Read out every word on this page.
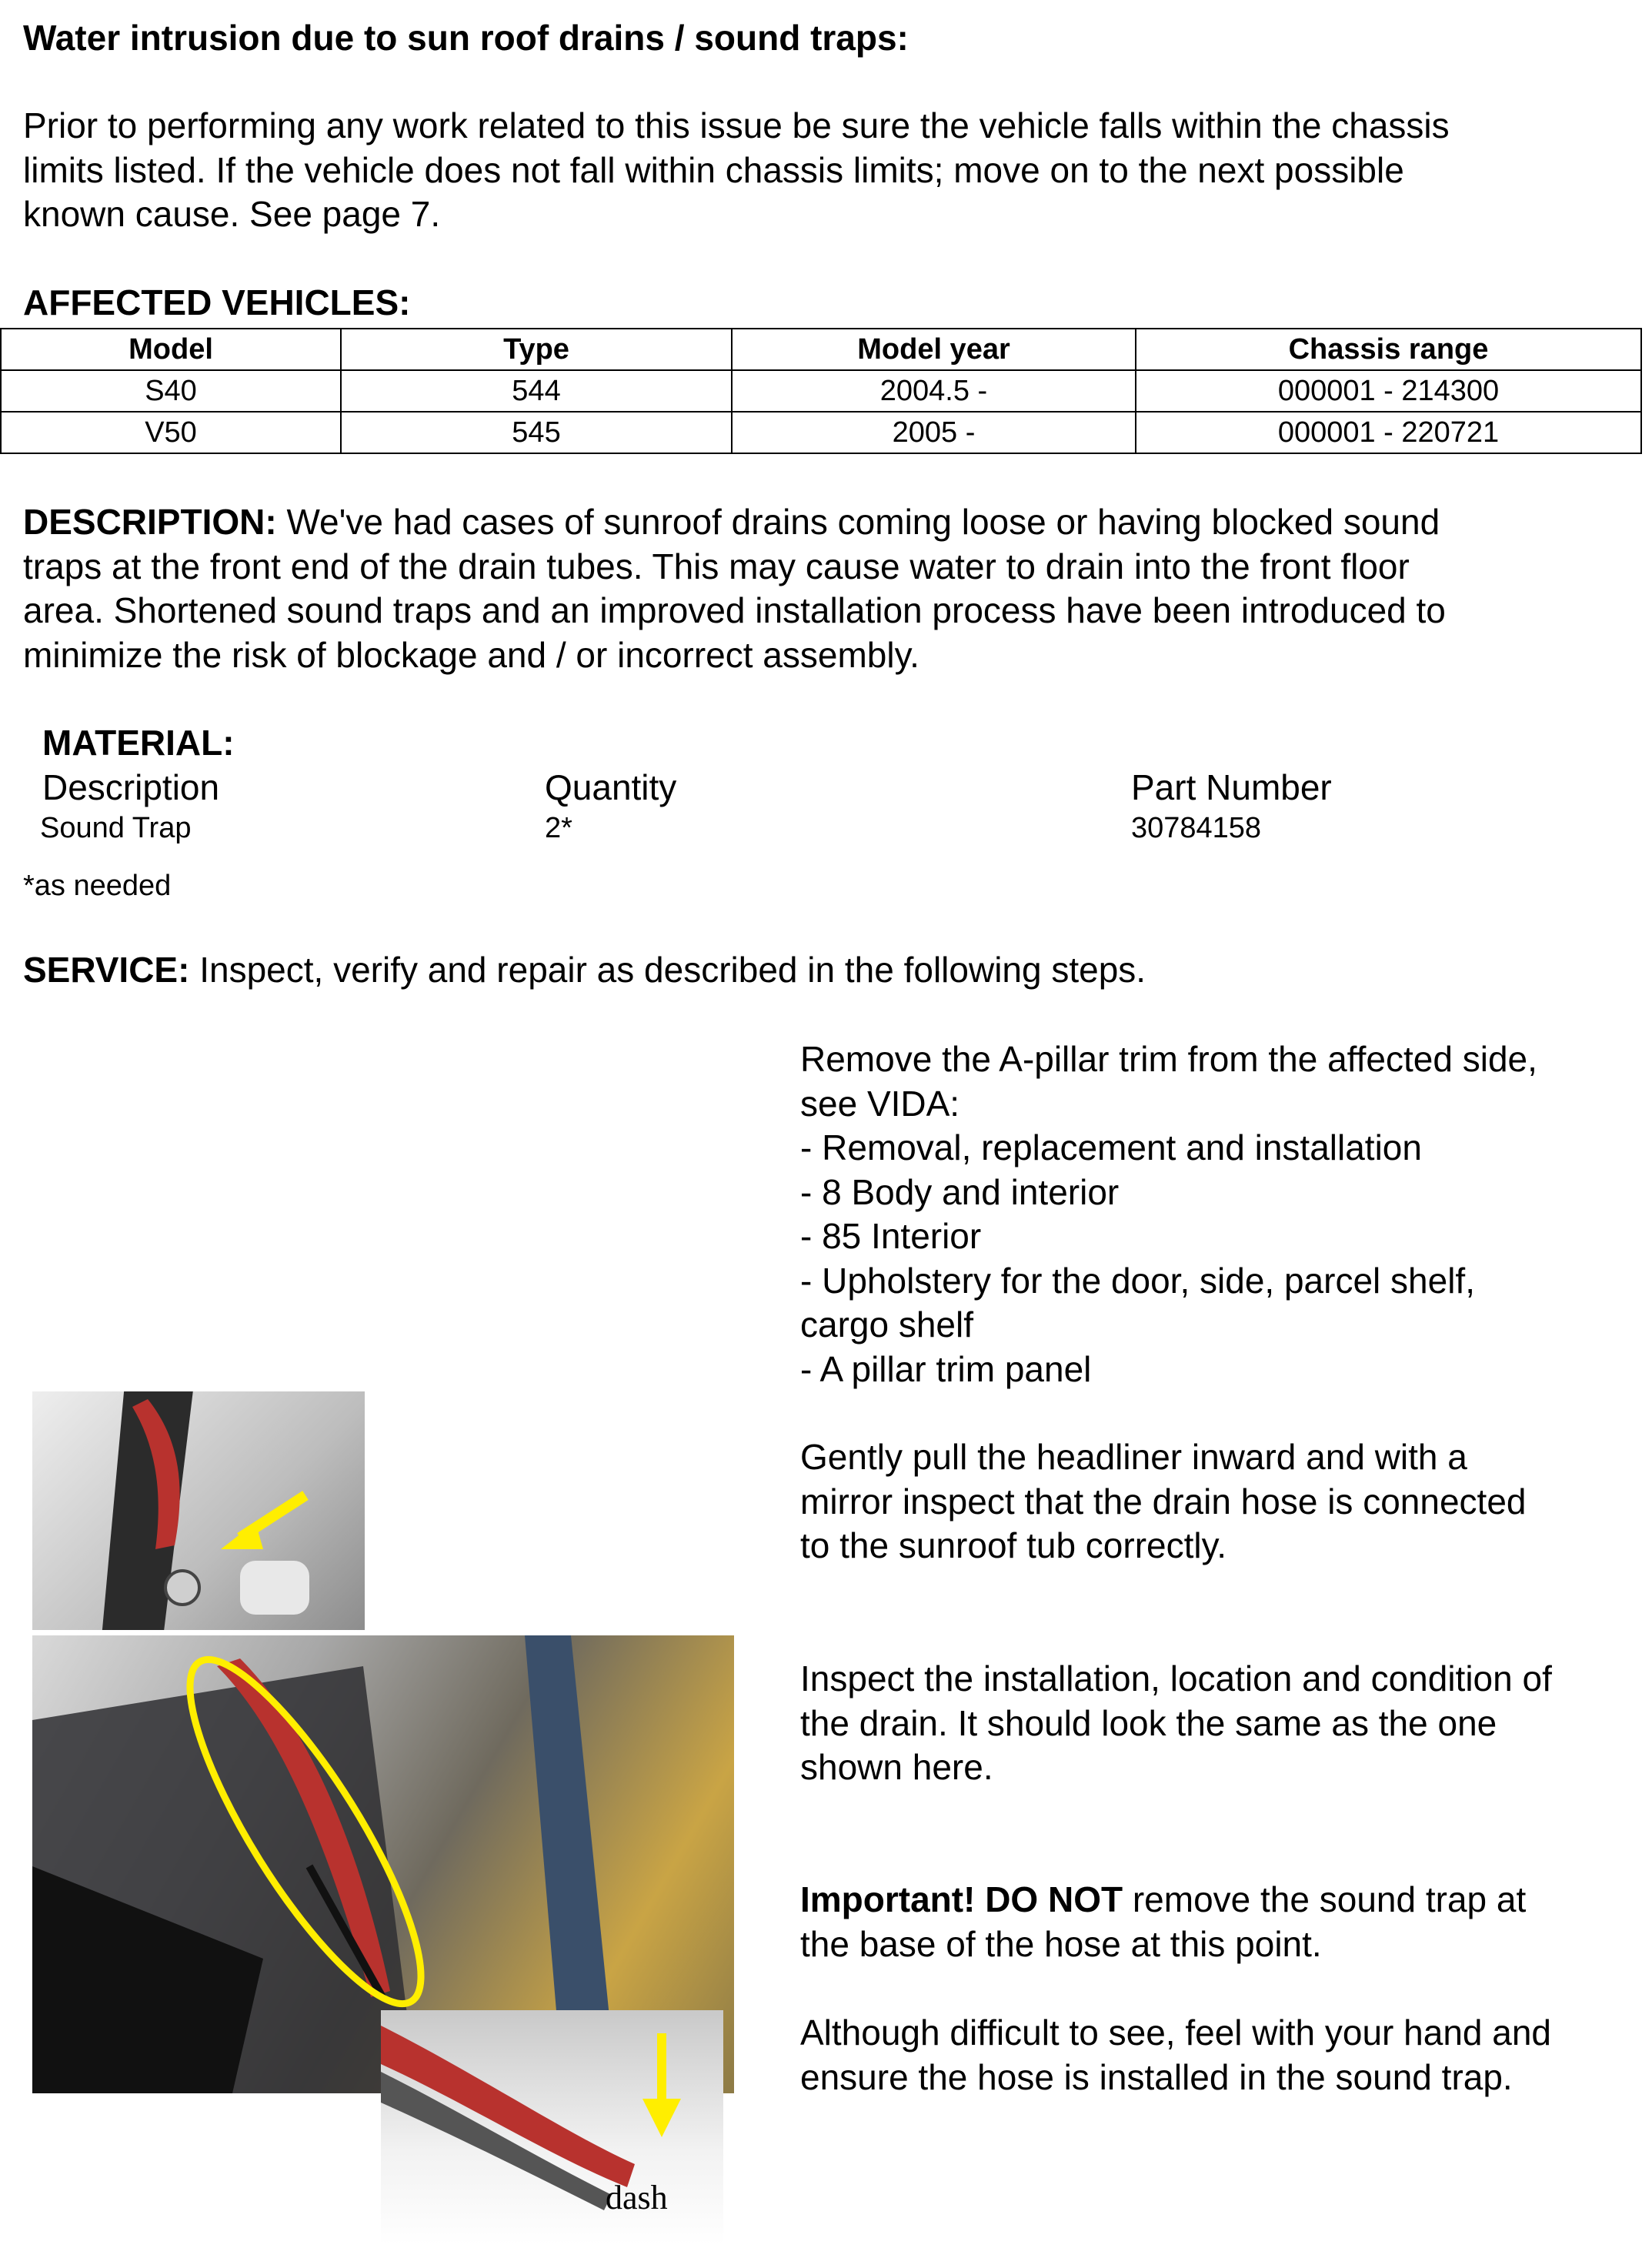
Water intrusion due to sun roof drains / sound traps:
Prior to performing any work related to this issue be sure the vehicle falls within the chassis
limits listed. If the vehicle does not fall within chassis limits; move on to the next possible
known cause. See page 7.
AFFECTED VEHICLES:
Model	Type	Model year	Chassis range
S40	544	2004.5 -	000001 - 214300
V50	545	2005 -	000001 - 220721
DESCRIPTION: We've had cases of sunroof drains coming loose or having blocked sound
traps at the front end of the drain tubes. This may cause water to drain into the front floor
area. Shortened sound traps and an improved installation process have been introduced to
minimize the risk of blockage and / or incorrect assembly.
MATERIAL:
Description	Quantity	Part Number
Sound Trap	2*	30784158
*as needed
SERVICE: Inspect, verify and repair as described in the following steps.
Remove the A-pillar trim from the affected side,
see VIDA:
- Removal, replacement and installation
- 8 Body and interior
- 85 Interior
- Upholstery for the door, side, parcel shelf,
cargo shelf
- A pillar trim panel
Gently pull the headliner inward and with a
mirror inspect that the drain hose is connected
to the sunroof tub correctly.
Inspect the installation, location and condition of
the drain. It should look the same as the one
shown here.
Important! DO NOT remove the sound trap at
the base of the hose at this point.
Although difficult to see, feel with your hand and
ensure the hose is installed in the sound trap.
dash
